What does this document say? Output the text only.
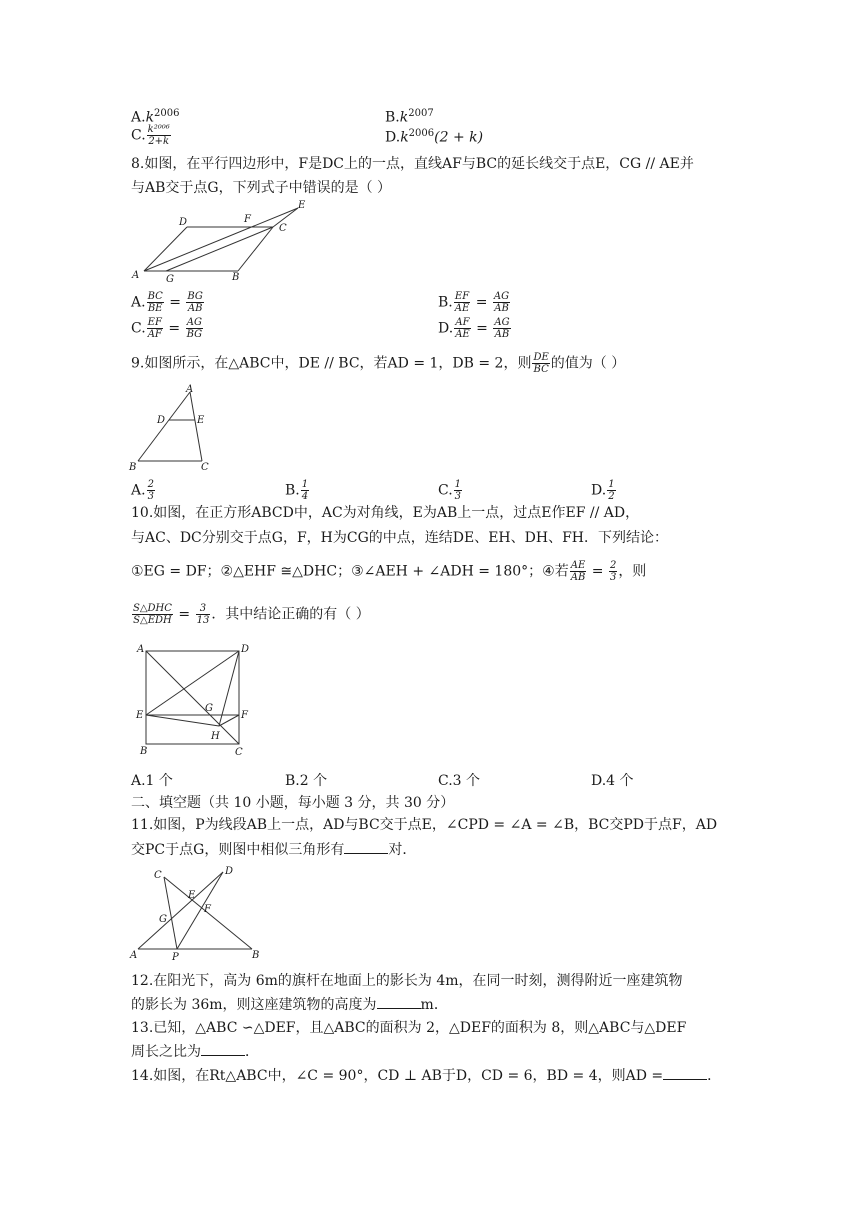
$A.k^{2006}$	$B.k^{2007}$
C. $\frac{\text{k²⁰⁰⁶}}{2+k}$	$D.k^{2006}(2 + k)$
8.如图，在平行四边形中，F是DC上的一点，直线AF与BC的延长线交于点E，CG // AE并
与AB交于点G，下列式子中错误的是（ ）
D	F
E
C
A	G	B
A. $\frac{BC}{BE} = \frac{BG}{AB}$	B. $\frac{EF}{AE} = \frac{AG}{AB}$
C. $\frac{EF}{AF} = \frac{AG}{BG}$	D. $\frac{AF}{AE} = \frac{AG}{AB}$
9.如图所示，在△ABC中，DE // BC，若AD = 1，DB = 2，则 $\frac{DE}{BC}$ 的值为（ ）
A
D	E
B	C
A. $\frac{2}{3}$	B. $\frac{1}{4}$	C. $\frac{1}{3}$	D. $\frac{1}{2}$
10.如图，在正方形ABCD中，AC为对角线，E为AB上一点，过点E作EF // AD，
与AC、DC分别交于点G，F，H为CG的中点，连结DE、EH、DH、FH．下列结论：
①EG = DF；②△EHF ≅△DHC；③∠AEH + ∠ADH = 180°；④若 $\frac{AE}{AB} = \frac{2}{3}$ ，则
$\frac{\text{S△DHC}}{\text{S△EDH}} = \frac{3}{13}$ ．其中结论正确的有（ ）
A	D
E
G
F
H
B	C
A.1 个	B.2 个	C.3 个	D.4 个
二、填空题（共 10 小题，每小题 3 分，共 30 分）
11.如图，P为线段AB上一点，AD与BC交于点E，∠CPD = ∠A = ∠B，BC交PD于点F，AD
交PC于点G，则图中相似三角形有	对．
C	D
E
F
G
A	P	B
12.在阳光下，高为 6m的旗杆在地面上的影长为 4m，在同一时刻，测得附近一座建筑物
的影长为 36m，则这座建筑物的高度为	m．
13.已知，△ABC ∽△DEF，且△ABC的面积为 2，△DEF的面积为 8，则△ABC与△DEF
周长之比为	．
14.如图，在Rt△ABC中，∠C = 90°，CD ⊥ AB于D，CD = 6，BD = 4，则AD =	．
